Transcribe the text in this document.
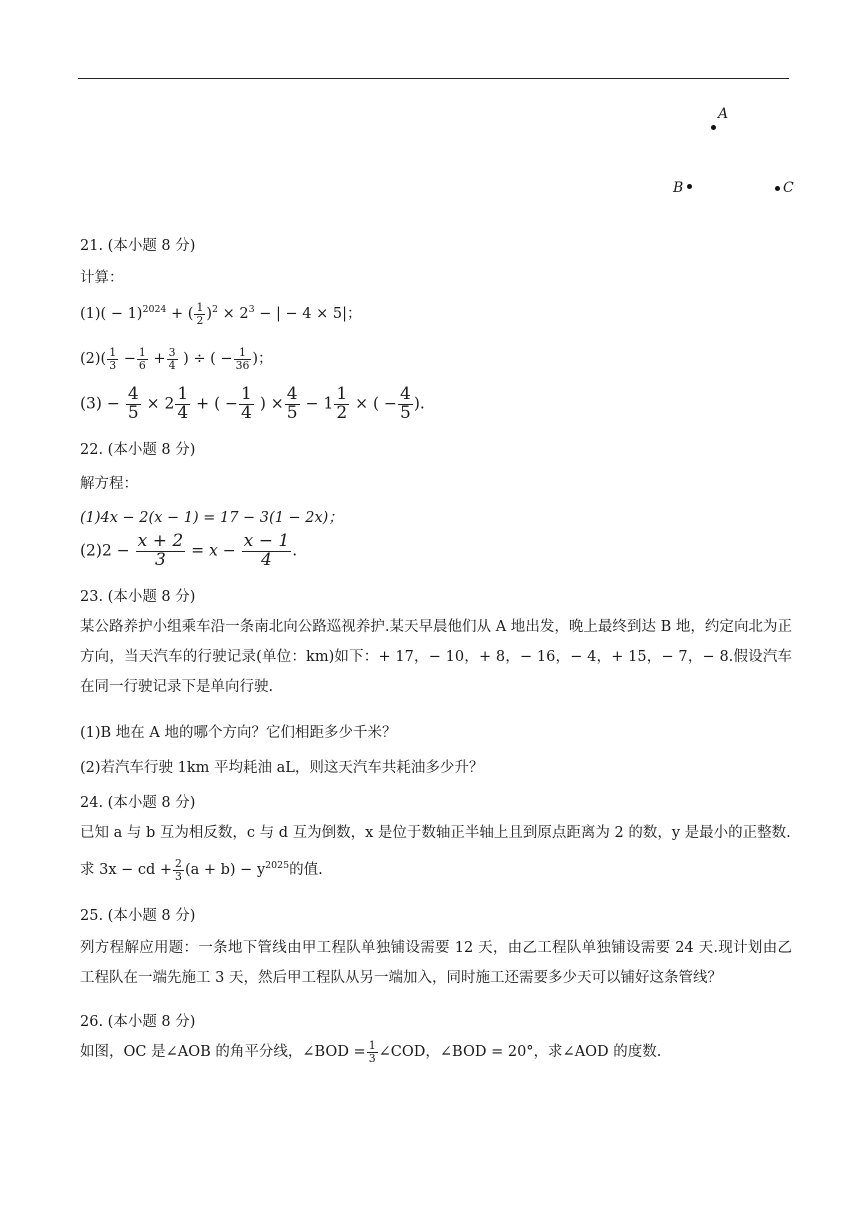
A
B	C
21. (本小题 8 分)
计算：
$(1)( - 1)^{2024}$ + ( $\frac{1}{2} )^2 \times 2^3$ − | − 4 × 5|；
$(2)( \frac{1}{3} - \frac{1}{6} + \frac{3}{4}$ ) ÷ ( − $\frac{1}{36}$ )；
$(3) - \frac{4}{5} \times 2 \frac{1}{4}$ + ( − $\frac{1}{4}$ ) × $\frac{4}{5} - 1 \frac{1}{2}$ × ( − $\frac{4}{5}$ ).
22. (本小题 8 分)
解方程：
(1)4x − 2(x − 1) = 17 − 3(1 − 2x)；
$(2)2 - \frac{x + 2}{3} = x - \frac{x - 1}{4}$ .
23. (本小题 8 分)
某公路养护小组乘车沿一条南北向公路巡视养护.某天早晨他们从 A 地出发，晚上最终到达 B 地，约定向北为正方向，当天汽车的行驶记录(单位：km)如下：+ 17，− 10，+ 8，− 16，− 4，+ 15，− 7，− 8.假设汽车在同一行驶记录下是单向行驶.
(1)B 地在 A 地的哪个方向？它们相距多少千米？
(2)若汽车行驶 1km 平均耗油 aL，则这天汽车共耗油多少升？
24. (本小题 8 分)
已知 a 与 b 互为相反数，c 与 d 互为倒数，x 是位于数轴正半轴上且到原点距离为 2 的数，y 是最小的正整数.
求 3x − cd + $\frac{2}{3} (a + b) - y^{2025}$的值.
25. (本小题 8 分)
列方程解应用题：一条地下管线由甲工程队单独铺设需要 12 天，由乙工程队单独铺设需要 24 天.现计划由乙工程队在一端先施工 3 天，然后甲工程队从另一端加入，同时施工还需要多少天可以铺好这条管线？
26. (本小题 8 分)
如图，OC 是∠AOB 的角平分线，∠BOD = $\frac{1}{3}$ ∠COD，∠BOD = 20°，求∠AOD 的度数.
